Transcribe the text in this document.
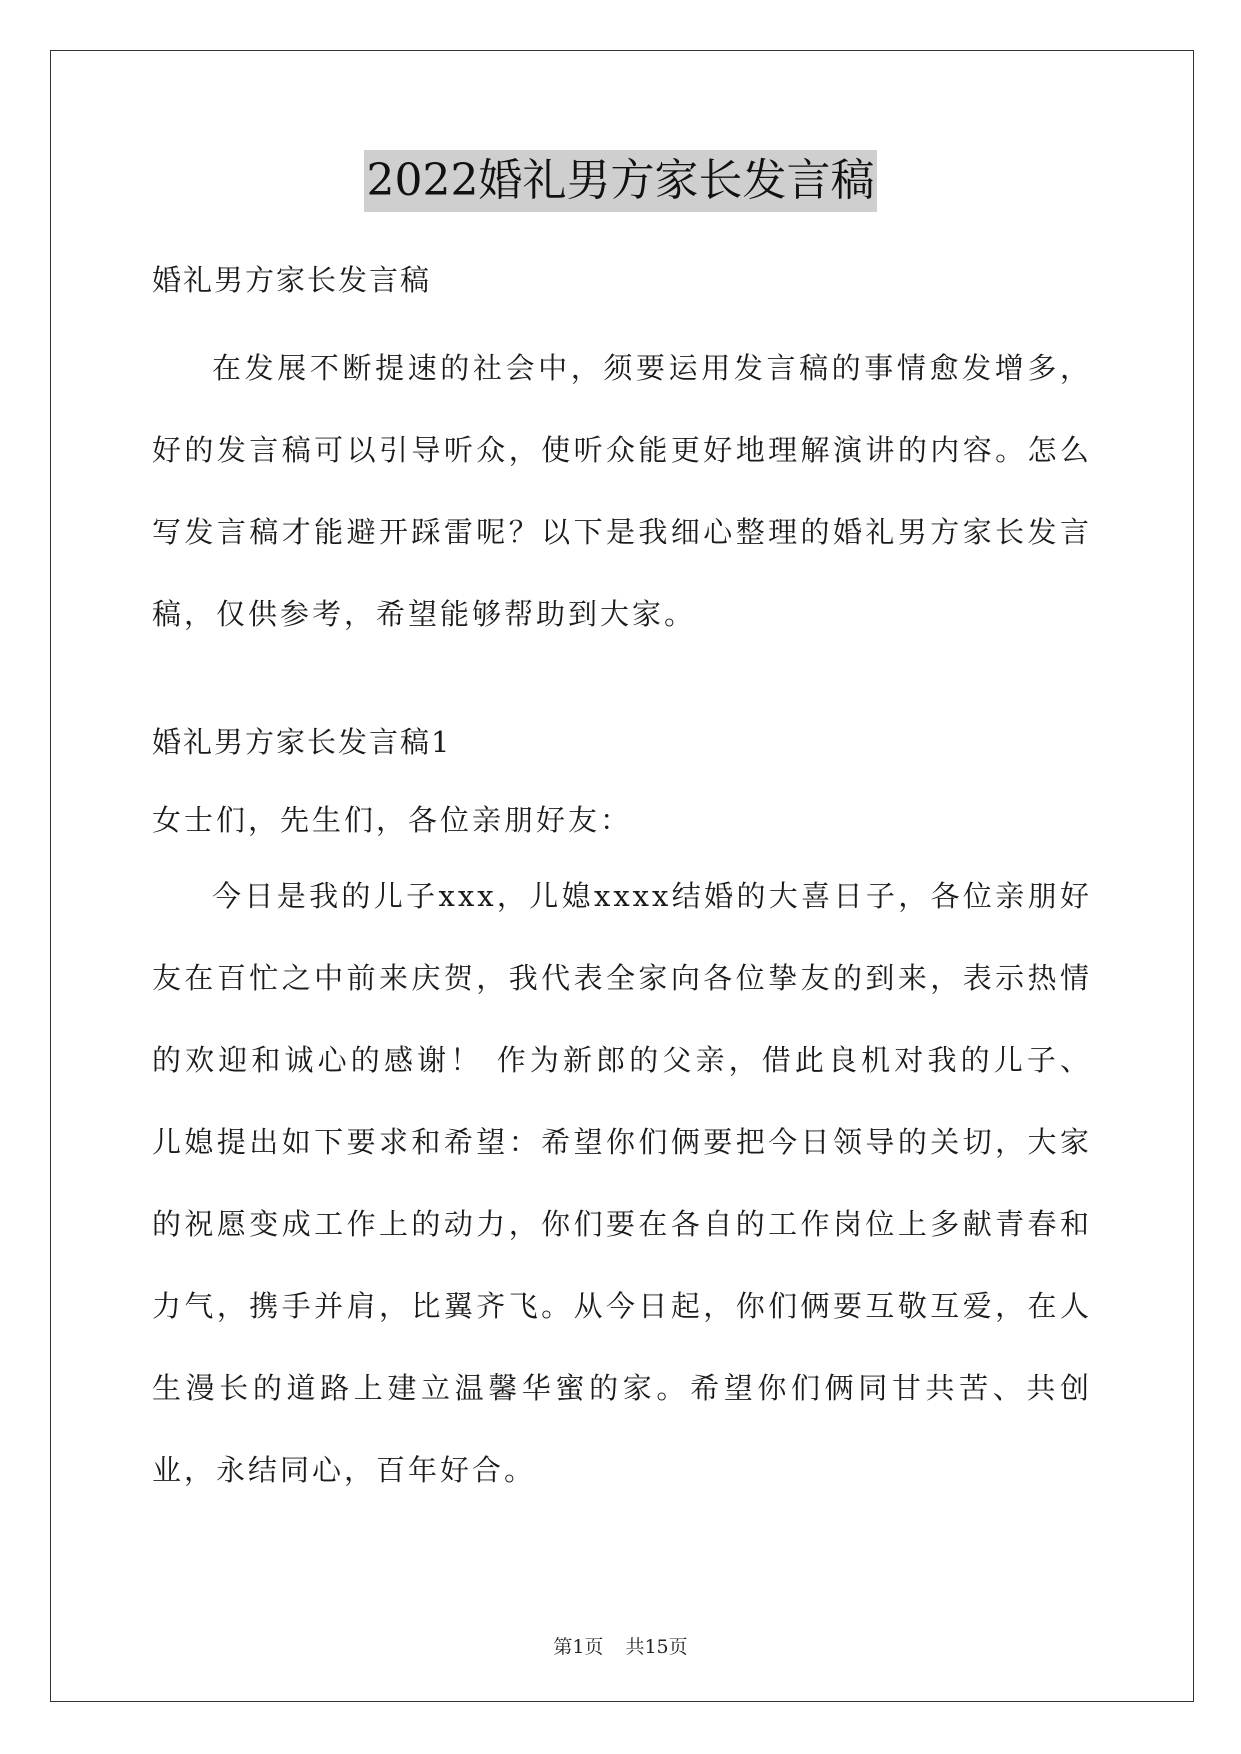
2022婚礼男方家长发言稿

婚礼男方家长发言稿

在发展不断提速的社会中，须要运用发言稿的事情愈发增多，好的发言稿可以引导听众，使听众能更好地理解演讲的内容。怎么写发言稿才能避开踩雷呢？以下是我细心整理的婚礼男方家长发言稿，仅供参考，希望能够帮助到大家。

婚礼男方家长发言稿1

女士们，先生们，各位亲朋好友：

今日是我的儿子xxx，儿媳xxxx结婚的大喜日子，各位亲朋好友在百忙之中前来庆贺，我代表全家向各位挚友的到来，表示热情的欢迎和诚心的感谢！ 作为新郎的父亲，借此良机对我的儿子、儿媳提出如下要求和希望：希望你们俩要把今日领导的关切，大家的祝愿变成工作上的动力，你们要在各自的工作岗位上多献青春和力气，携手并肩，比翼齐飞。从今日起，你们俩要互敬互爱，在人生漫长的道路上建立温馨华蜜的家。希望你们俩同甘共苦、共创业，永结同心，百年好合。

第1页 共15页
